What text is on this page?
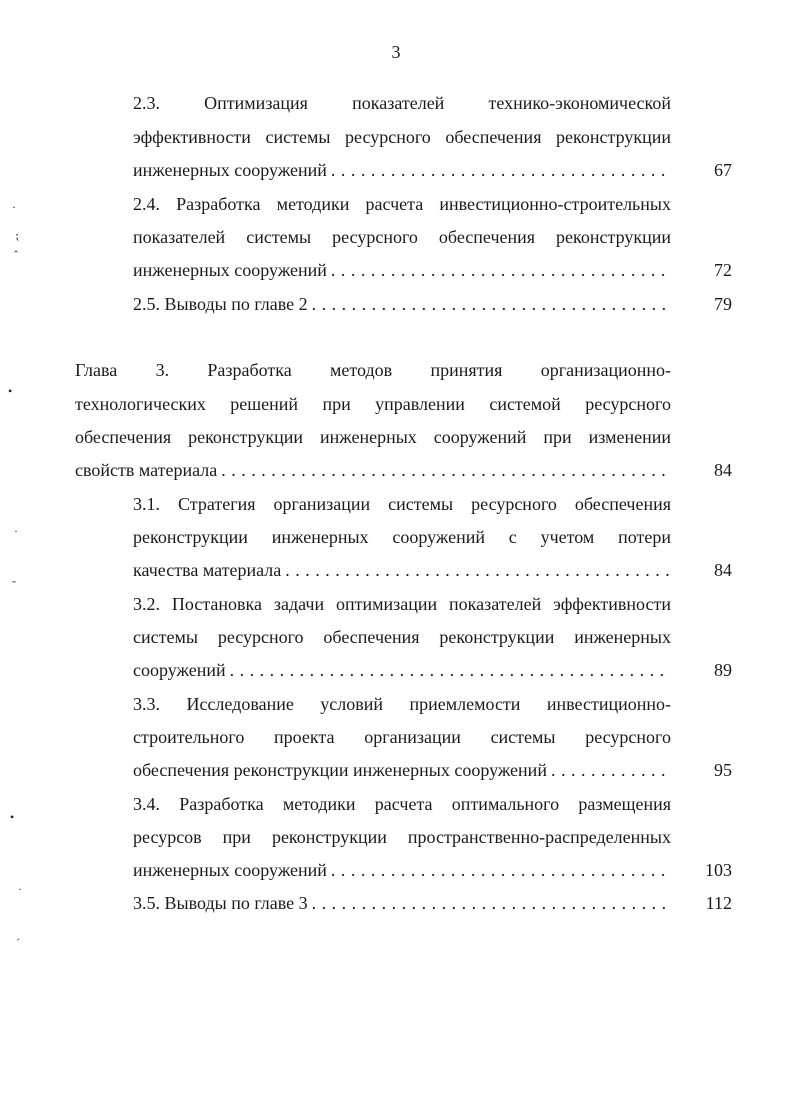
3
2.3. Оптимизация показателей технико-экономической
эффективности системы ресурсного обеспечения реконструкции
инженерных сооружений . . .	67
2.4. Разработка методики расчета инвестиционно-строительных
показателей системы ресурсного обеспечения реконструкции
инженерных сооружений . . .	72
2.5. Выводы по главе 2 . . .	79
Глава 3. Разработка методов принятия организационно-
технологических решений при управлении системой ресурсного
обеспечения реконструкции инженерных сооружений при изменении
свойств материала . . .	84
3.1. Стратегия организации системы ресурсного обеспечения
реконструкции инженерных сооружений с учетом потери
качества материала . . .	84
3.2. Постановка задачи оптимизации показателей эффективности
системы ресурсного обеспечения реконструкции инженерных
сооружений . . .	89
3.3. Исследование условий приемлемости инвестиционно-
строительного проекта организации системы ресурсного
обеспечения реконструкции инженерных сооружений . . .	95
3.4. Разработка методики расчета оптимального размещения
ресурсов при реконструкции пространственно-распределенных
инженерных сооружений . . .	103
3.5. Выводы по главе 3 . . .	112
·
⁏
ˆ
•
·
˘
•
·
ˊ
